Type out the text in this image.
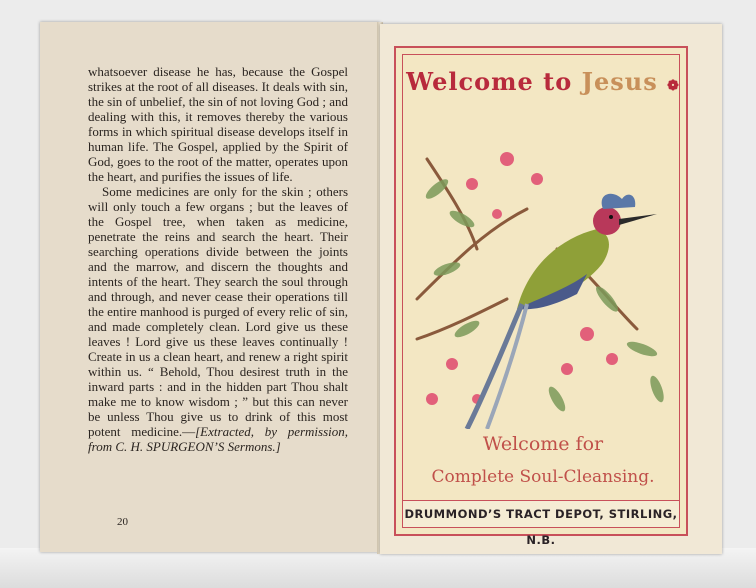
whatsoever disease he has, because the Gospel strikes at the root of all diseases. It deals with sin, the sin of unbelief, the sin of not loving God ; and dealing with this, it removes thereby the various forms in which spiritual disease develops itself in human life. The Gospel, applied by the Spirit of God, goes to the root of the matter, operates upon the heart, and purifies the issues of life.

Some medicines are only for the skin ; others will only touch a few organs ; but the leaves of the Gospel tree, when taken as medicine, penetrate the reins and search the heart. Their searching operations divide between the joints and the marrow, and discern the thoughts and intents of the heart. They search the soul through and through, and never cease their operations till the entire manhood is purged of every relic of sin, and made completely clean. Lord give us these leaves ! Lord give us these leaves continually ! Create in us a clean heart, and renew a right spirit within us. “ Behold, Thou desirest truth in the inward parts : and in the hidden part Thou shalt make me to know wisdom ; ” but this can never be unless Thou give us to drink of this most potent medicine.—[Extracted, by permission, from C. H. SPURGEON’S Sermons.]

20
Welcome to Jesus ❁
Welcome for
Complete Soul-Cleansing.
DRUMMOND’S TRACT DEPOT, STIRLING, N.B.
